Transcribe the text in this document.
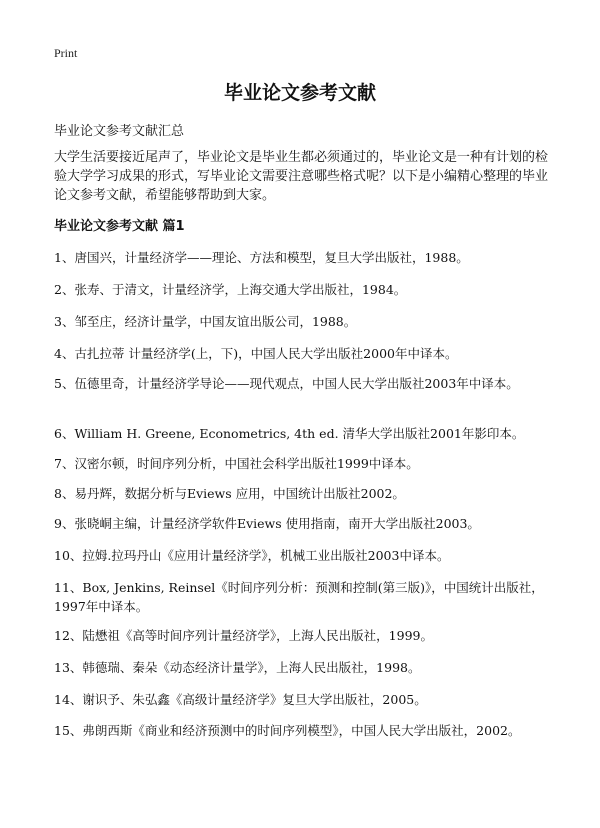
Print
毕业论文参考文献

毕业论文参考文献汇总

大学生活要接近尾声了，毕业论文是毕业生都必须通过的，毕业论文是一种有计划的检验大学学习成果的形式，写毕业论文需要注意哪些格式呢？以下是小编精心整理的毕业论文参考文献，希望能够帮助到大家。

毕业论文参考文献 篇1
1、唐国兴，计量经济学——理论、方法和模型，复旦大学出版社，1988。
2、张寿、于清文，计量经济学，上海交通大学出版社，1984。
3、邹至庄，经济计量学，中国友谊出版公司，1988。
4、古扎拉蒂 计量经济学(上，下)，中国人民大学出版社2000年中译本。
5、伍德里奇，计量经济学导论——现代观点，中国人民大学出版社2003年中译本。
6、William H. Greene, Econometrics, 4th ed. 清华大学出版社2001年影印本。
7、汉密尔顿，时间序列分析，中国社会科学出版社1999中译本。
8、易丹辉，数据分析与Eviews 应用，中国统计出版社2002。
9、张晓峒主编，计量经济学软件Eviews 使用指南，南开大学出版社2003。
10、拉姆.拉玛丹山《应用计量经济学》，机械工业出版社2003中译本。
11、Box, Jenkins, Reinsel《时间序列分析：预测和控制(第三版)》，中国统计出版社，1997年中译本。
12、陆懋祖《高等时间序列计量经济学》，上海人民出版社，1999。
13、韩德瑞、秦朵《动态经济计量学》，上海人民出版社，1998。
14、谢识予、朱弘鑫《高级计量经济学》复旦大学出版社，2005。
15、弗朗西斯《商业和经济预测中的时间序列模型》，中国人民大学出版社，2002。
